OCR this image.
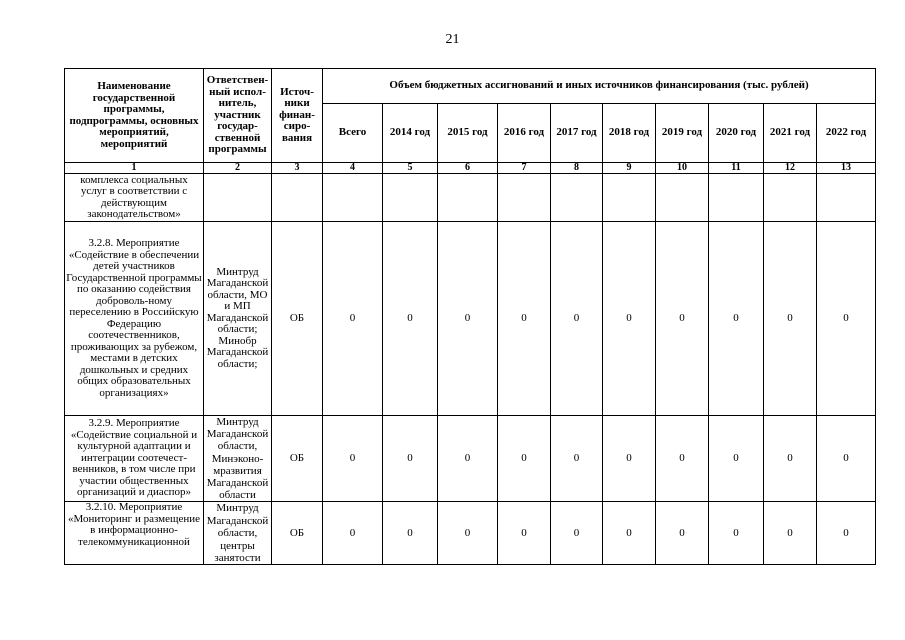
21
Наименование государственной программы, подпрограммы, основных мероприятий, мероприятий	Ответствен-ный испол-нитель, участник государ-ственной программы	Источ-ники финан-сиро-вания	Объем бюджетных ассигнований и иных источников финансирования (тыс. рублей)									
			Всего	2014 год	2015 год	2016 год	2017 год	2018 год	2019 год	2020 год	2021 год	2022 год
1	2	3	4	5	6	7	8	9	10	11	12	13
комплекса социальных услуг в соответствии с действующим законодательством»												
3.2.8. Мероприятие «Содействие в обеспечении детей участников Государственной программы по оказанию содействия доброволь-ному переселению в Российскую Федерацию соотечественников, проживающих за рубежом, местами в детских дошкольных и средних общих образовательных организациях»	Минтруд Магаданской области, МО и МП Магаданской области; Минобр Магаданской области;	ОБ	0	0	0	0	0	0	0	0	0	0
3.2.9. Мероприятие «Содействие социальной и культурной адаптации и интеграции соотечест-венников, в том числе при участии общественных организаций и диаспор»	Минтруд Магаданской области, Минэконо-мразвития Магаданской области	ОБ	0	0	0	0	0	0	0	0	0	0
3.2.10. Мероприятие «Мониторинг и размещение в информационно-телекоммуникационной	Минтруд Магаданской области, центры занятости	ОБ	0	0	0	0	0	0	0	0	0	0
